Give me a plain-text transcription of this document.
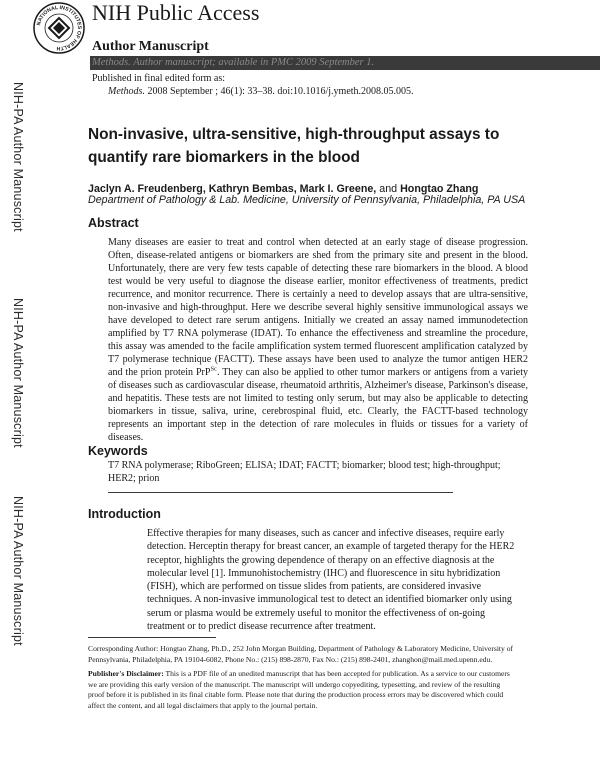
NATIONAL INSTITUTES OF HEALTH
NIH Public Access
Author Manuscript
Methods. Author manuscript; available in PMC 2009 September 1.
Published in final edited form as:
Methods. 2008 September ; 46(1): 33–38. doi:10.1016/j.ymeth.2008.05.005.
NIH-PA Author Manuscript
NIH-PA Author Manuscript
NIH-PA Author Manuscript
Non-invasive, ultra-sensitive, high-throughput assays to quantify rare biomarkers in the blood
Jaclyn A. Freudenberg, Kathryn Bembas, Mark I. Greene, and Hongtao Zhang
Department of Pathology & Lab. Medicine, University of Pennsylvania, Philadelphia, PA USA
Abstract
Many diseases are easier to treat and control when detected at an early stage of disease progression. Often, disease-related antigens or biomarkers are shed from the primary site and present in the blood. Unfortunately, there are very few tests capable of detecting these rare biomarkers in the blood. A blood test would be very useful to diagnose the disease earlier, monitor effectiveness of treatments, predict recurrence, and monitor recurrence. There is certainly a need to develop assays that are ultra-sensitive, non-invasive and high-throughput. Here we describe several highly sensitive immunological assays we have developed to detect rare serum antigens. Initially we created an assay named immunodetection amplified by T7 RNA polymerase (IDAT). To enhance the effectiveness and streamline the procedure, this assay was amended to the facile amplification system termed fluorescent amplification catalyzed by T7 polymerase technique (FACTT). These assays have been used to analyze the tumor antigen HER2 and the prion protein PrP$^{Sc}$. They can also be applied to other tumor markers or antigens from a variety of diseases such as cardiovascular disease, rheumatoid arthritis, Alzheimer's disease, Parkinson's disease, and hepatitis. These tests are not limited to testing only serum, but may also be applicable to detecting biomarkers in tissue, saliva, urine, cerebrospinal fluid, etc. Clearly, the FACTT-based technology represents an important step in the detection of rare molecules in fluids or tissues for a variety of diseases.
Keywords
T7 RNA polymerase; RiboGreen; ELISA; IDAT; FACTT; biomarker; blood test; high-throughput; HER2; prion
Introduction
Effective therapies for many diseases, such as cancer and infective diseases, require early detection. Herceptin therapy for breast cancer, an example of targeted therapy for the HER2 receptor, highlights the growing dependence of therapy on an effective diagnosis at the molecular level [1]. Immunohistochemistry (IHC) and fluorescence in situ hybridization (FISH), which are performed on tissue slides from patients, are considered invasive techniques. A non-invasive immunological test to detect an identified biomarker only using serum or plasma would be extremely useful to monitor the effectiveness of on-going treatment or to predict disease recurrence after treatment.
Corresponding Author: Hongtao Zhang, Ph.D., 252 John Morgan Building, Department of Pathology & Laboratory Medicine, University of Pennsylvania, Philadelphia, PA 19104-6082, Phone No.: (215) 898-2870, Fax No.: (215) 898-2401, zhanghon@mail.med.upenn.edu.
Publisher's Disclaimer: This is a PDF file of an unedited manuscript that has been accepted for publication. As a service to our customers we are providing this early version of the manuscript. The manuscript will undergo copyediting, typesetting, and review of the resulting proof before it is published in its final citable form. Please note that during the production process errors may be discovered which could affect the content, and all legal disclaimers that apply to the journal pertain.
